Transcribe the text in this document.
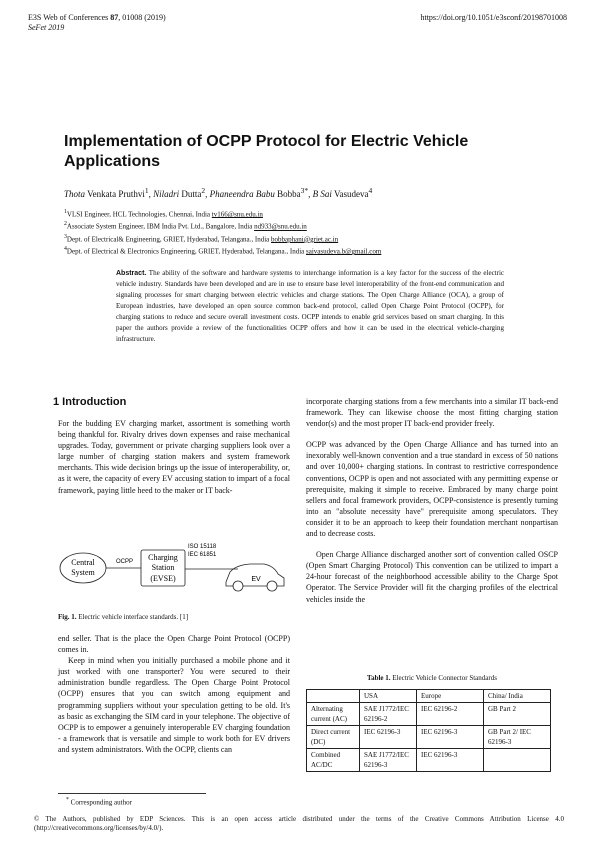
E3S Web of Conferences 87, 01008 (2019)
SeFet 2019
https://doi.org/10.1051/e3sconf/20198701008
Implementation of OCPP Protocol for Electric Vehicle Applications
Thota Venkata Pruthvi$^1$, Niladri Dutta$^2$, Phaneendra Babu Bobba$^{3*}$, B Sai Vasudeva$^4$
$^1$VLSI Engineer, HCL Technologies, Chennai, India tv166@snu.edu.in
$^2$Associate System Engineer, IBM India Pvt. Ltd., Bangalore, India nd933@snu.edu.in
$^3$Dept. of Electrical& Engineering, GRIET, Hyderabad, Telangana., India bobbaphani@griet.ac.in
$^4$Dept. of Electrical & Electronics Engineering, GRIET, Hyderabad, Telangana., India saivasudeva.b@gmail.com
Abstract. The ability of the software and hardware systems to interchange information is a key factor for the success of the electric vehicle industry. Standards have been developed and are in use to ensure base level interoperability of the front-end communication and signaling processes for smart charging between electric vehicles and charge stations. The Open Charge Alliance (OCA), a group of European industries, have developed an open source common back-end protocol, called Open Charge Point Protocol (OCPP), for charging stations to reduce and secure overall investment costs. OCPP intends to enable grid services based on smart charging. In this paper the authors provide a review of the functionalities OCPP offers and how it can be used in the electrical vehicle-charging infrastructure.
1 Introduction

For the budding EV charging market, assortment is something worth being thankful for. Rivalry drives down expenses and raise mechanical upgrades. Today, government or private charging suppliers look over a large number of charging station makers and system framework merchants. This wide decision brings up the issue of interoperability, or, as it were, the capacity of every EV accusing station to impart of a focal framework, paying little heed to the maker or IT back-

Central
System
OCPP Charging
Station
(EVSE)
ISO 15118
IEC 61851
EV
Fig. 1. Electric vehicle interface standards. [1]

end seller. That is the place the Open Charge Point Protocol (OCPP) comes in.

Keep in mind when you initially purchased a mobile phone and it just worked with one transporter? You were secured to their administration bundle regardless. The Open Charge Point Protocol (OCPP) ensures that you can switch among equipment and programming suppliers without your speculation getting to be old. It's as basic as exchanging the SIM card in your telephone. The objective of OCPP is to empower a genuinely interoperable EV charging foundation - a framework that is versatile and simple to work both for EV drivers and system administrators. With the OCPP, clients can

* Corresponding author

incorporate charging stations from a few merchants into a similar IT back-end framework. They can likewise choose the most fitting charging station vendor(s) and the most proper IT back-end provider freely.

OCPP was advanced by the Open Charge Alliance and has turned into an inexorably well-known convention and a true standard in excess of 50 nations and over 10,000+ charging stations. In contrast to restrictive correspondence conventions, OCPP is open and not associated with any permitting expense or prerequisite, making it simple to receive. Embraced by many charge point sellers and focal framework providers, OCPP-consistence is presently turning into an "absolute necessity have" prerequisite among speculators. They consider it to be an approach to keep their foundation merchant nonpartisan and to decrease costs.

Open Charge Alliance discharged another sort of convention called OSCP (Open Smart Charging Protocol) This convention can be utilized to impart a 24-hour forecast of the neighborhood accessible ability to the Charge Spot Operator. The Service Provider will fit the charging profiles of the electrical vehicles inside the

Table 1. Electric Vehicle Connector Standards
	USA	Europe	China/ India
Alternating current (AC)	SAE J1772/IEC 62196-2	IEC 62196-2	GB Part 2
Direct current (DC)	IEC 62196-3	IEC 62196-3	GB Part 2/ IEC 62196-3
Combined AC/DC	SAE J1772/IEC 62196-3	IEC 62196-3	
© The Authors, published by EDP Sciences. This is an open access article distributed under the terms of the Creative Commons Attribution License 4.0 (http://creativecommons.org/licenses/by/4.0/).
